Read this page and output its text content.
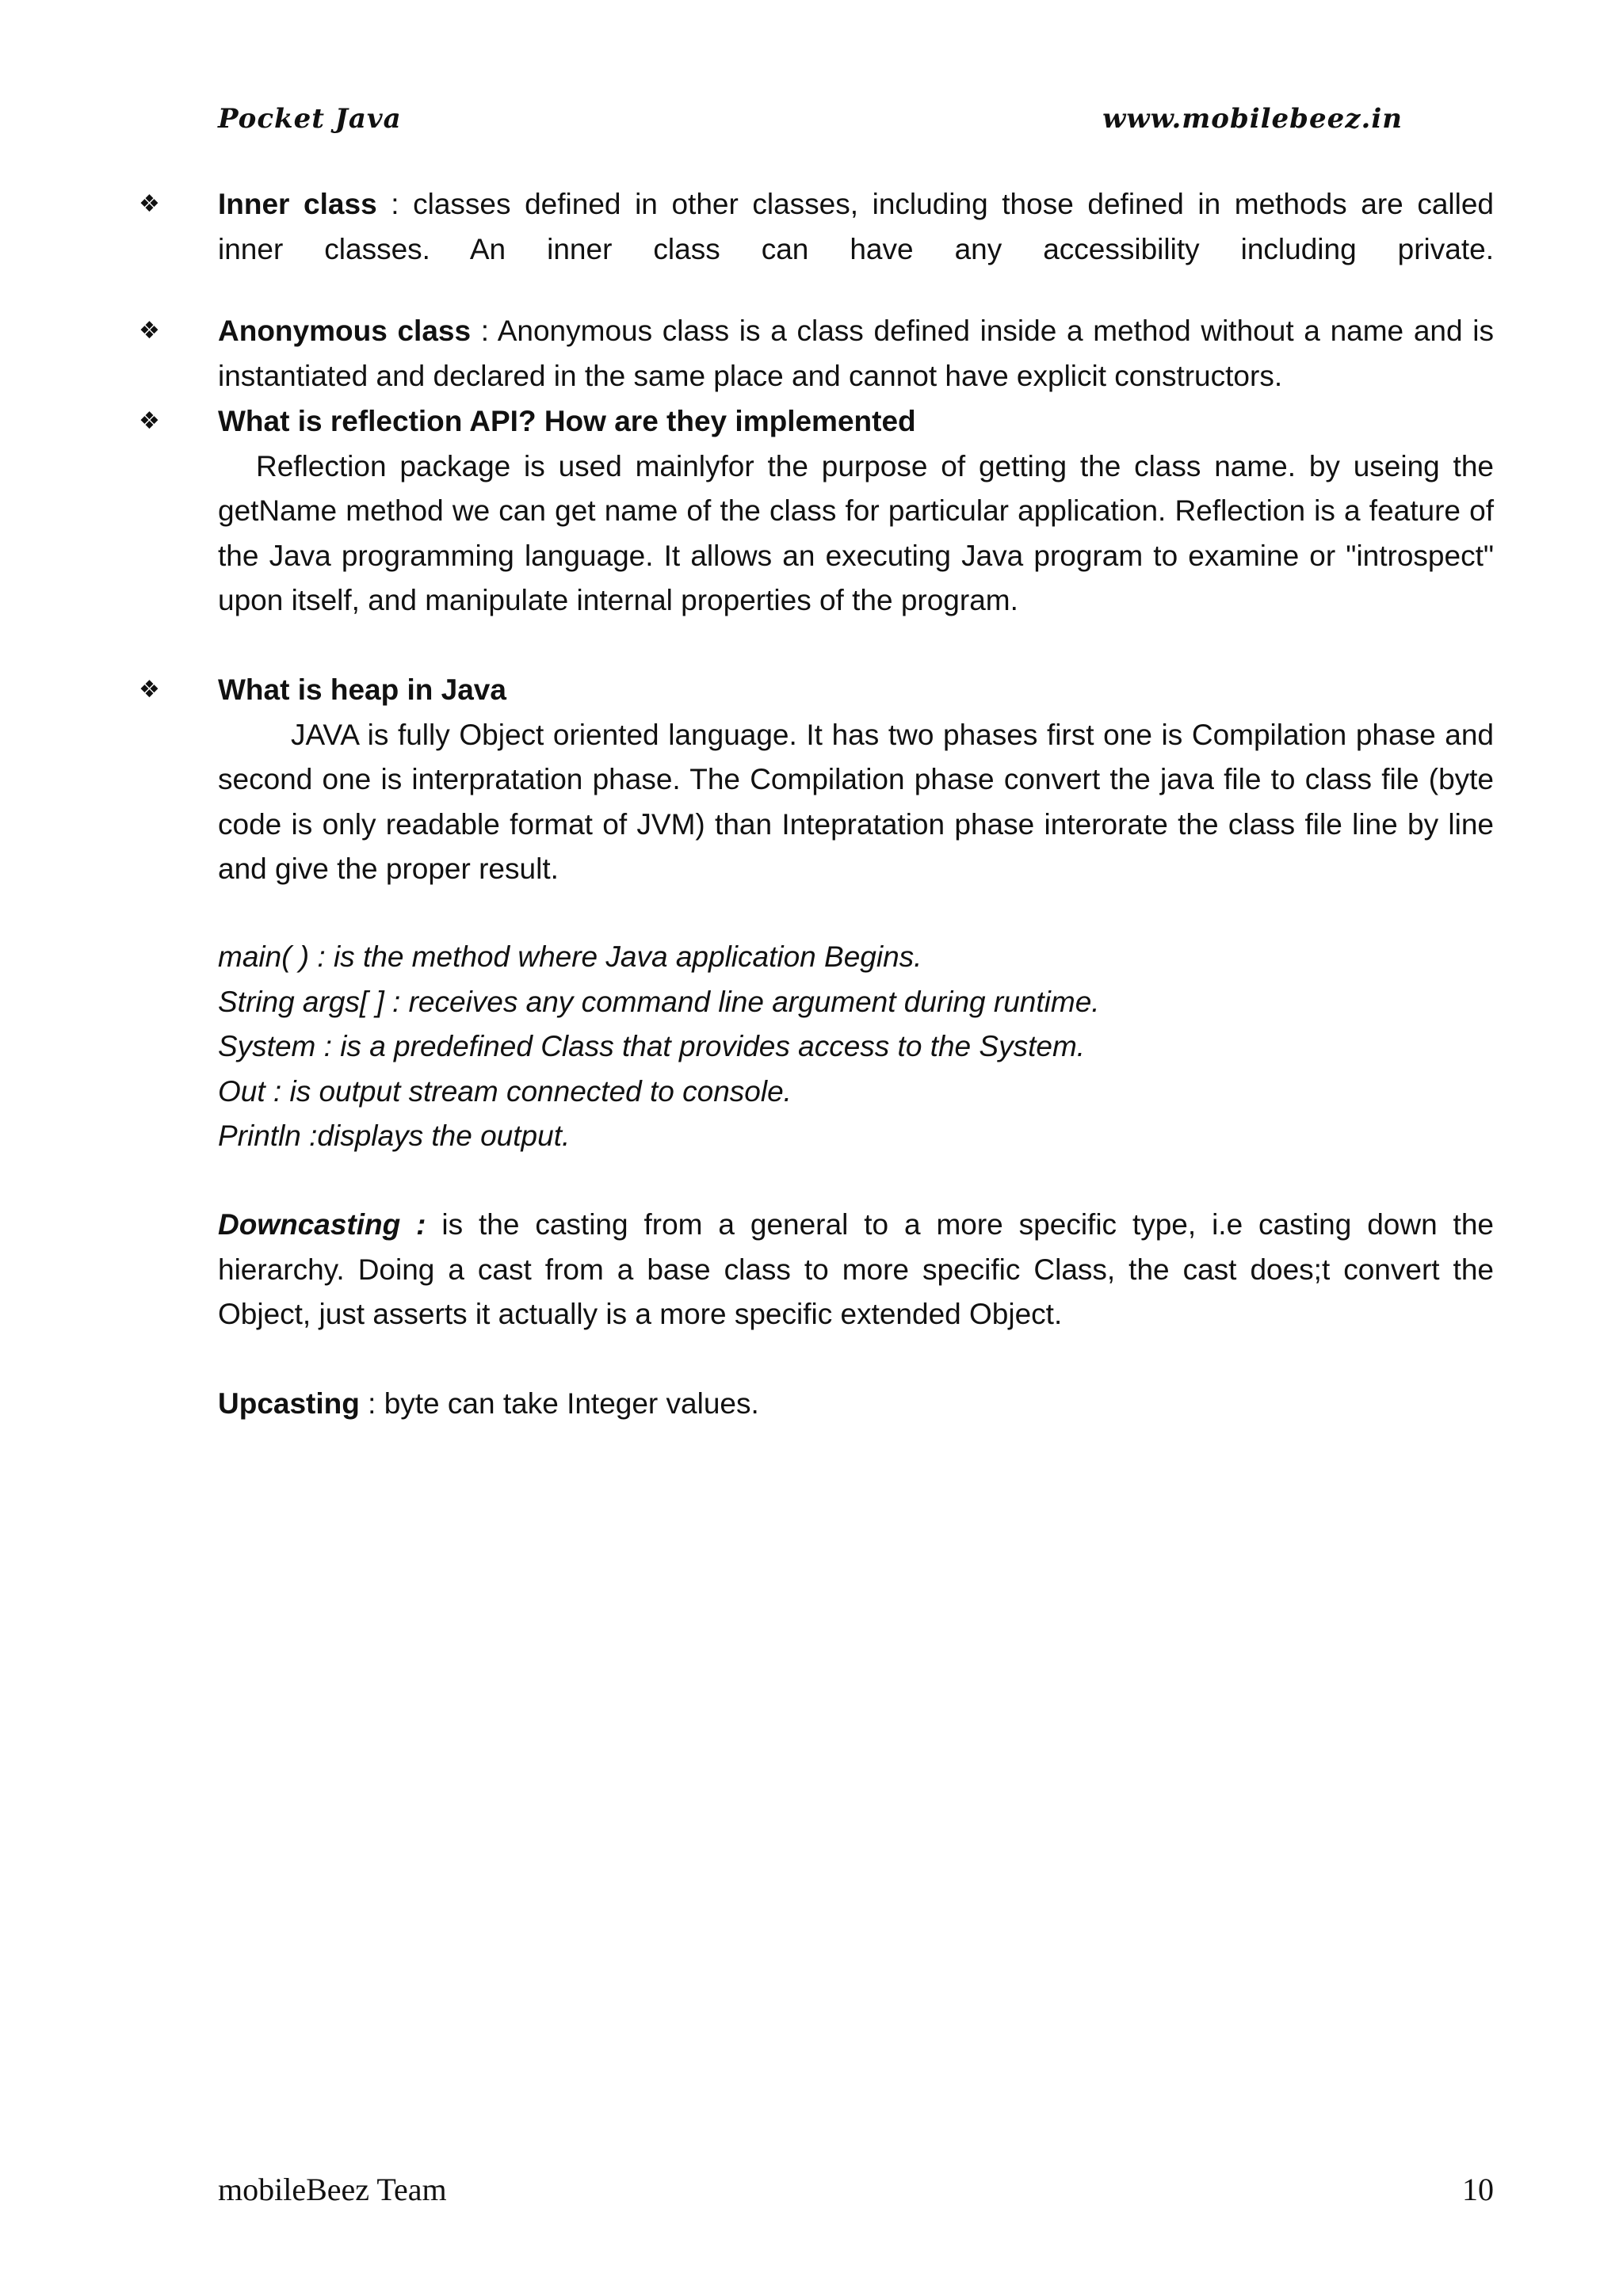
Pocket Java	www.mobilebeez.in
❖	Inner class : classes defined in other classes, including those defined in methods are called
inner classes. An inner class can have any accessibility including private.
❖	Anonymous class : Anonymous class is a class defined inside a method without a name and is instantiated and declared in the same place and cannot have explicit constructors.
❖	What is reflection API? How are they implemented
Reflection package is used mainlyfor the purpose of getting the class name. by useing the getName method we can get name of the class for particular application. Reflection is a feature of the Java programming language. It allows an executing Java program to examine or "introspect" upon itself, and manipulate internal properties of the program.
❖	What is heap in Java
JAVA is fully Object oriented language. It has two phases first one is Compilation phase and second one is interpratation phase. The Compilation phase convert the java file to class file (byte code is only readable format of JVM) than Intepratation phase interorate the class file line by line and give the proper result.
main( ) : is the method where Java application Begins.
String args[ ] : receives any command line argument during runtime.
System : is a predefined Class that provides access to the System.
Out : is output stream connected to console.
Println :displays the output.
Downcasting : is the casting from a general to a more specific type, i.e casting down the hierarchy. Doing a cast from a base class to more specific Class, the cast does;t convert the Object, just asserts it actually is a more specific extended Object.
Upcasting : byte can take Integer values.
mobileBeez Team	10
